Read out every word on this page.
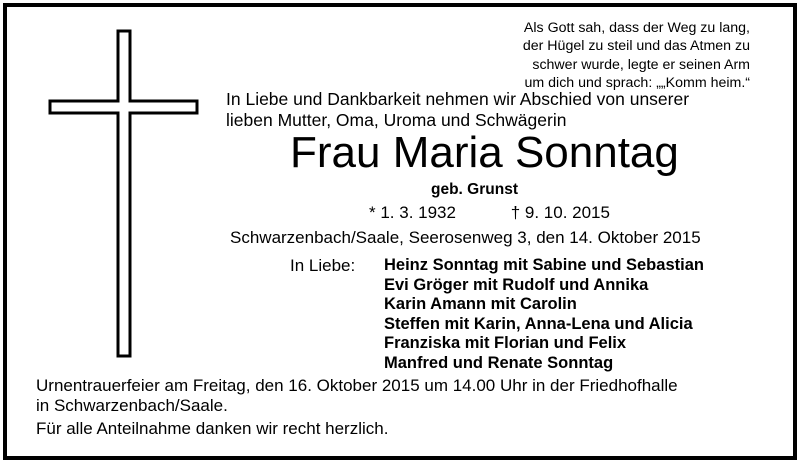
Als Gott sah, dass der Weg zu lang,
der Hügel zu steil und das Atmen zu
schwer wurde, legte er seinen Arm
um dich und sprach: „„Komm heim.“
In Liebe und Dankbarkeit nehmen wir Abschied von unserer
lieben Mutter, Oma, Uroma und Schwägerin
Frau Maria Sonntag
geb. Grunst
* 1. 3. 1932	† 9. 10. 2015
Schwarzenbach/Saale, Seerosenweg 3, den 14. Oktober 2015
In Liebe: Heinz Sonntag mit Sabine und Sebastian
Evi Gröger mit Rudolf und Annika
Karin Amann mit Carolin
Steffen mit Karin, Anna-Lena und Alicia
Franziska mit Florian und Felix
Manfred und Renate Sonntag
Urnentrauerfeier am Freitag, den 16. Oktober 2015 um 14.00 Uhr in der Friedhofhalle
in Schwarzenbach/Saale.
Für alle Anteilnahme danken wir recht herzlich.
